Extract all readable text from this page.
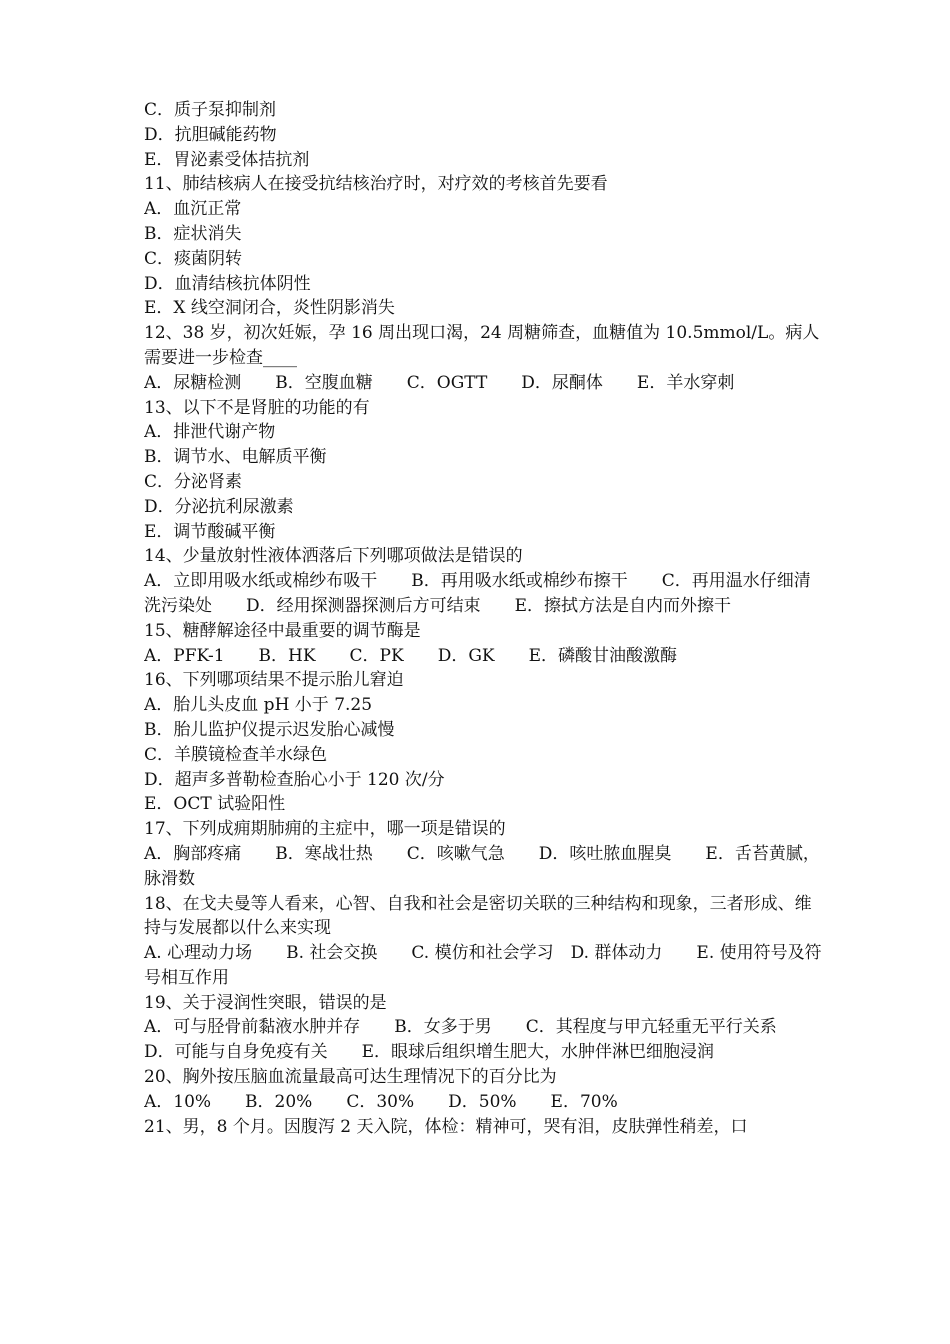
C．质子泵抑制剂
D．抗胆碱能药物
E．胃泌素受体拮抗剂
11、肺结核病人在接受抗结核治疗时，对疗效的考核首先要看
A．血沉正常
B．症状消失
C．痰菌阴转
D．血清结核抗体阴性
E．X 线空洞闭合，炎性阴影消失
12、38 岁，初次妊娠，孕 16 周出现口渴，24 周糖筛查，血糖值为 10.5mmol/L。病人需要进一步检查____
A．尿糖检测　　B．空腹血糖　　C．OGTT　　D．尿酮体　　E．羊水穿刺
13、以下不是肾脏的功能的有
A．排泄代谢产物
B．调节水、电解质平衡
C．分泌肾素
D．分泌抗利尿激素
E．调节酸碱平衡
14、少量放射性液体洒落后下列哪项做法是错误的
A．立即用吸水纸或棉纱布吸干　　B．再用吸水纸或棉纱布擦干　　C．再用温水仔细清洗污染处　　D．经用探测器探测后方可结束　　E．擦拭方法是自内而外擦干
15、糖酵解途径中最重要的调节酶是
A．PFK-1　　B．HK　　C．PK　　D．GK　　E．磷酸甘油酸激酶
16、下列哪项结果不提示胎儿窘迫
A．胎儿头皮血 pH 小于 7.25
B．胎儿监护仪提示迟发胎心减慢
C．羊膜镜检查羊水绿色
D．超声多普勒检查胎心小于 120 次/分
E．OCT 试验阳性
17、下列成痈期肺痈的主症中，哪一项是错误的
A．胸部疼痛　　B．寒战壮热　　C．咳嗽气急　　D．咳吐脓血腥臭　　E．舌苔黄腻，脉滑数
18、在戈夫曼等人看来，心智、自我和社会是密切关联的三种结构和现象，三者形成、维持与发展都以什么来实现
A. 心理动力场　　B. 社会交换　　C. 模仿和社会学习　D. 群体动力　　E. 使用符号及符号相互作用
19、关于浸润性突眼，错误的是
A．可与胫骨前黏液水肿并存　　B．女多于男　　C．其程度与甲亢轻重无平行关系　　D．可能与自身免疫有关　　E．眼球后组织增生肥大，水肿伴淋巴细胞浸润
20、胸外按压脑血流量最高可达生理情况下的百分比为
A．10%　　B．20%　　C．30%　　D．50%　　E．70%
21、男，8 个月。因腹泻 2 天入院，体检：精神可，哭有泪，皮肤弹性稍差，口
